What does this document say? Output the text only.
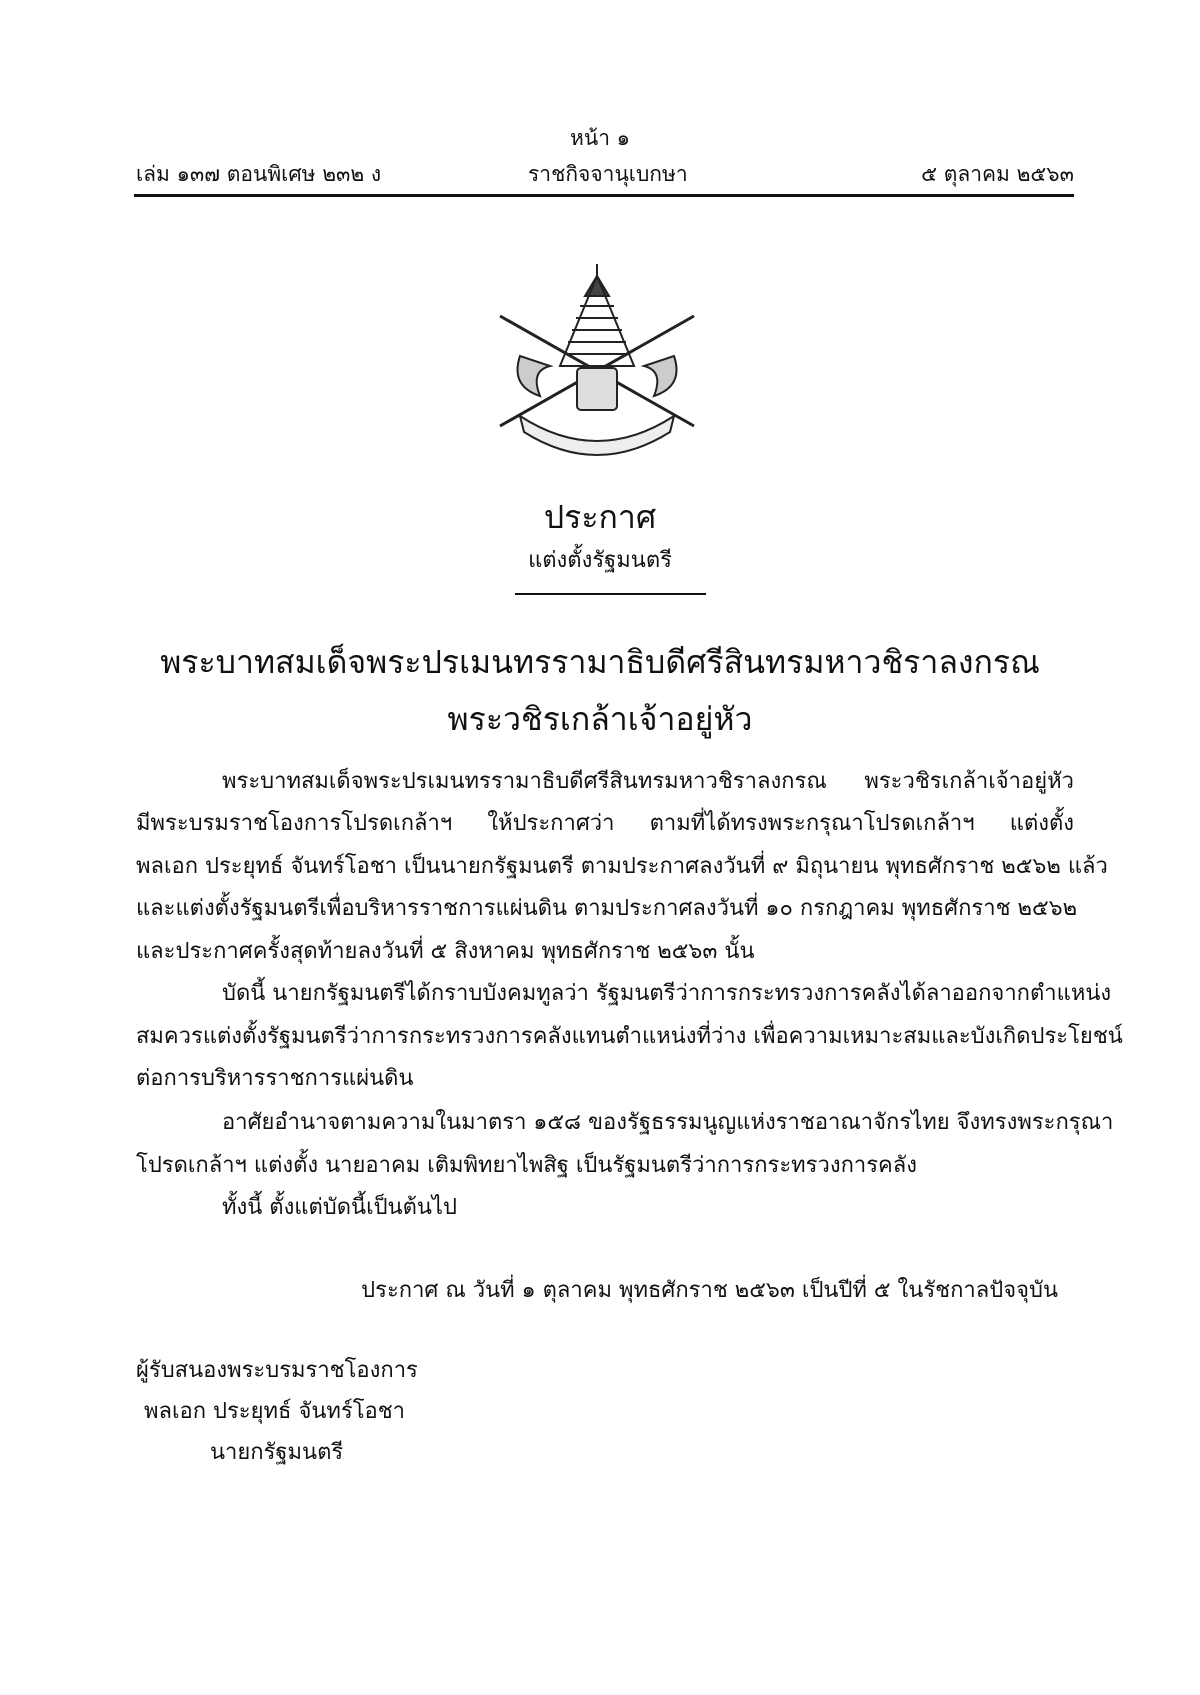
หน้า ๑
เล่ม ๑๓๗ ตอนพิเศษ ๒๓๒ ง	ราชกิจจานุเบกษา	๕ ตุลาคม ๒๕๖๓
ประกาศ
แต่งตั้งรัฐมนตรี
พระบาทสมเด็จพระปรเมนทรรามาธิบดีศรีสินทรมหาวชิราลงกรณ
พระวชิรเกล้าเจ้าอยู่หัว
พระบาทสมเด็จพระปรเมนทรรามาธิบดีศรีสินทรมหาวชิราลงกรณ พระวชิรเกล้าเจ้าอยู่หัว
มีพระบรมราชโองการโปรดเกล้าฯ ให้ประกาศว่า ตามที่ได้ทรงพระกรุณาโปรดเกล้าฯ แต่งตั้ง
พลเอก ประยุทธ์ จันทร์โอชา เป็นนายกรัฐมนตรี ตามประกาศลงวันที่ ๙ มิถุนายน พุทธศักราช ๒๕๖๒ แล้ว
และแต่งตั้งรัฐมนตรีเพื่อบริหารราชการแผ่นดิน ตามประกาศลงวันที่ ๑๐ กรกฎาคม พุทธศักราช ๒๕๖๒
และประกาศครั้งสุดท้ายลงวันที่ ๕ สิงหาคม พุทธศักราช ๒๕๖๓ นั้น
บัดนี้ นายกรัฐมนตรีได้กราบบังคมทูลว่า รัฐมนตรีว่าการกระทรวงการคลังได้ลาออกจากตำแหน่ง
สมควรแต่งตั้งรัฐมนตรีว่าการกระทรวงการคลังแทนตำแหน่งที่ว่าง เพื่อความเหมาะสมและบังเกิดประโยชน์
ต่อการบริหารราชการแผ่นดิน
อาศัยอำนาจตามความในมาตรา ๑๕๘ ของรัฐธรรมนูญแห่งราชอาณาจักรไทย จึงทรงพระกรุณา
โปรดเกล้าฯ แต่งตั้ง นายอาคม เติมพิทยาไพสิฐ เป็นรัฐมนตรีว่าการกระทรวงการคลัง
ทั้งนี้ ตั้งแต่บัดนี้เป็นต้นไป
ประกาศ ณ วันที่ ๑ ตุลาคม พุทธศักราช ๒๕๖๓ เป็นปีที่ ๕ ในรัชกาลปัจจุบัน
ผู้รับสนองพระบรมราชโองการ
พลเอก ประยุทธ์ จันทร์โอชา
นายกรัฐมนตรี
